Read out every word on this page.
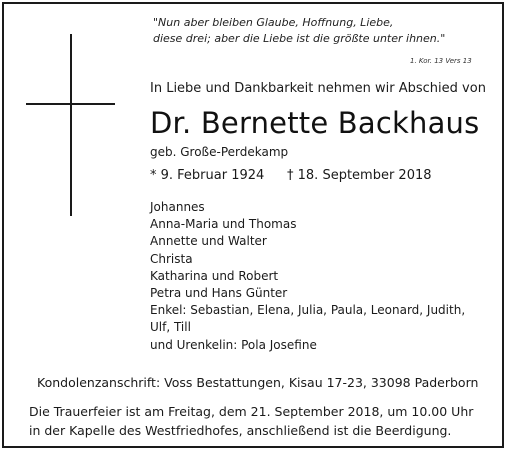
"Nun aber bleiben Glaube, Hoffnung, Liebe,
diese drei; aber die Liebe ist die größte unter ihnen."
1. Kor. 13 Vers 13
In Liebe und Dankbarkeit nehmen wir Abschied von
Dr. Bernette Backhaus
geb. Große-Perdekamp
* 9. Februar 1924 † 18. September 2018
Johannes
Anna-Maria und Thomas
Annette und Walter
Christa
Katharina und Robert
Petra und Hans Günter
Enkel: Sebastian, Elena, Julia, Paula, Leonard, Judith,
Ulf, Till
und Urenkelin: Pola Josefine
Kondolenzanschrift: Voss Bestattungen, Kisau 17-23, 33098 Paderborn
Die Trauerfeier ist am Freitag, dem 21. September 2018, um 10.00 Uhr
in der Kapelle des Westfriedhofes, anschließend ist die Beerdigung.
